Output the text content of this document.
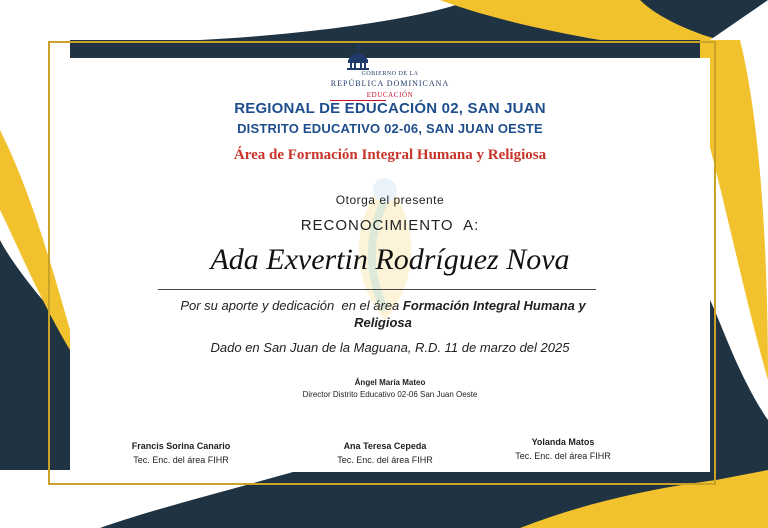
GOBIERNO DE LA
REPÚBLICA DOMINICANA
EDUCACIÓN
REGIONAL DE EDUCACIÓN 02, SAN JUAN
DISTRITO EDUCATIVO 02-06, SAN JUAN OESTE
Área de Formación Integral Humana y Religiosa
Otorga el presente
RECONOCIMIENTO  A:
Ada Exvertin Rodríguez Nova
Por su aporte y dedicación  en el área Formación Integral Humana y Religiosa
Dado en San Juan de la Maguana, R.D. 11 de marzo del 2025
Ángel María Mateo
Director Distrito Educativo 02-06 San Juan Oeste
Francis Sorina Canario
Tec. Enc. del área FIHR
Ana Teresa Cepeda
Tec. Enc. del área FIHR
Yolanda Matos
Tec. Enc. del área FIHR
